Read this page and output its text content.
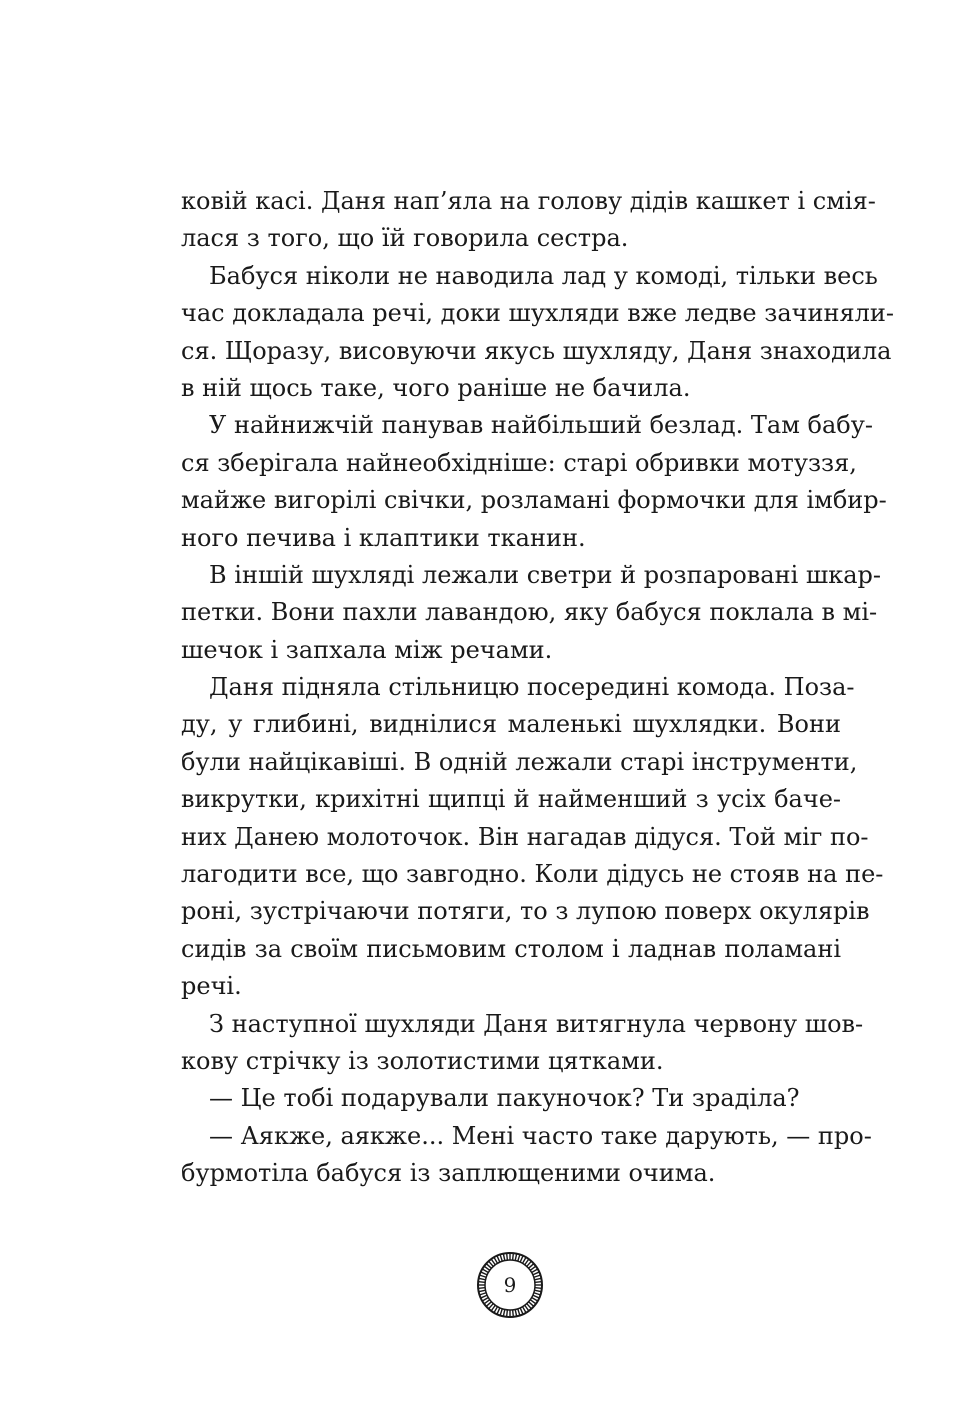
ковій касі. Даня нап’яла на голову дідів кашкет і смія-
лася з того, що їй говорила сестра.
Бабуся ніколи не наводила лад у комоді, тільки весь
час докладала речі, доки шухляди вже ледве зачиняли-
ся. Щоразу, висовуючи якусь шухляду, Даня знаходила
в ній щось таке, чого раніше не бачила.
У найнижчій панував найбільший безлад. Там бабу-
ся зберігала найнеобхідніше: старі обривки мотуззя,
майже вигорілі свічки, розламані формочки для імбир-
ного печива і клаптики тканин.
В іншій шухляді лежали светри й розпаровані шкар-
петки. Вони пахли лавандою, яку бабуся поклала в мі-
шечок і запхала між речами.
Даня підняла стільницю посередині комода. Поза-
ду, у глибині, виднілися маленькі шухлядки. Вони
були найцікавіші. В одній лежали старі інструменти,
викрутки, крихітні щипці й найменший з усіх баче-
них Данею молоточок. Він нагадав дідуся. Той міг по-
лагодити все, що завгодно. Коли дідусь не стояв на пе-
роні, зустрічаючи потяги, то з лупою поверх окулярів
сидів за своїм письмовим столом і ладнав поламані
речі.
З наступної шухляди Даня витягнула червону шов-
кову стрічку із золотистими цятками.
— Це тобі подарували пакуночок? Ти зраділа?
— Аякже, аякже... Мені часто таке дарують, — про-
бурмотіла бабуся із заплющеними очима.
9
